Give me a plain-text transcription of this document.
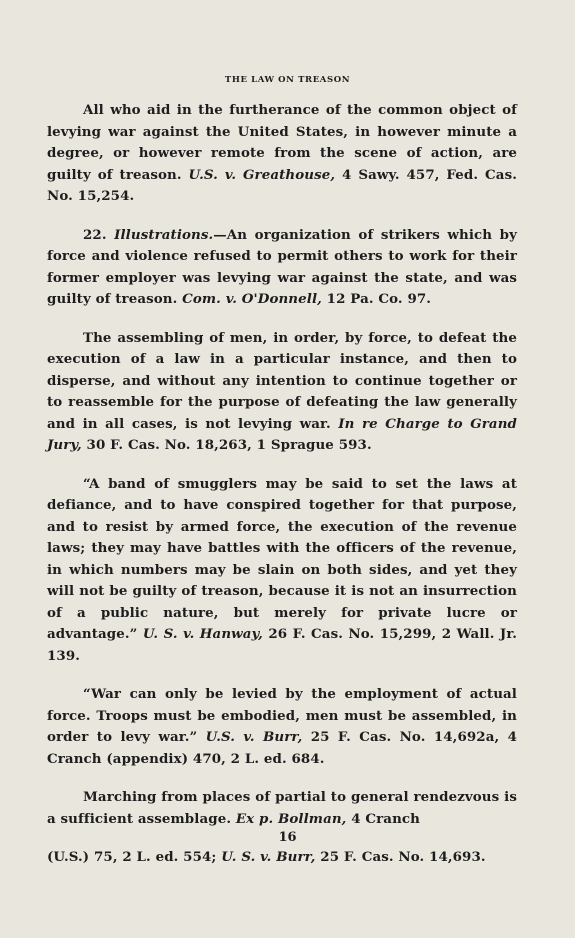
THE LAW ON TREASON

All who aid in the furtherance of the common object of levying war against the United States, in however minute a degree, or however remote from the scene of action, are guilty of treason. U.S. v. Greathouse, 4 Sawy. 457, Fed. Cas. No. 15,254.

22. Illustrations.—An organization of strikers which by force and violence refused to permit others to work for their former employer was levying war against the state, and was guilty of treason. Com. v. O'Donnell, 12 Pa. Co. 97.

The assembling of men, in order, by force, to defeat the execution of a law in a particular instance, and then to disperse, and without any intention to continue together or to reassemble for the purpose of defeating the law generally and in all cases, is not levying war. In re Charge to Grand Jury, 30 F. Cas. No. 18,263, 1 Sprague 593.

“A band of smugglers may be said to set the laws at defiance, and to have conspired together for that purpose, and to resist by armed force, the execution of the revenue laws; they may have battles with the officers of the revenue, in which numbers may be slain on both sides, and yet they will not be guilty of treason, because it is not an insurrection of a public nature, but merely for private lucre or advantage.” U. S. v. Hanway, 26 F. Cas. No. 15,299, 2 Wall. Jr. 139.

“War can only be levied by the employment of actual force. Troops must be embodied, men must be assembled, in order to levy war.” U.S. v. Burr, 25 F. Cas. No. 14,692a, 4 Cranch (appendix) 470, 2 L. ed. 684.

Marching from places of partial to general rendezvous is a sufficient assemblage. Ex p. Bollman, 4 Cranch

(U.S.) 75, 2 L. ed. 554; U. S. v. Burr, 25 F. Cas. No. 14,693.

16
